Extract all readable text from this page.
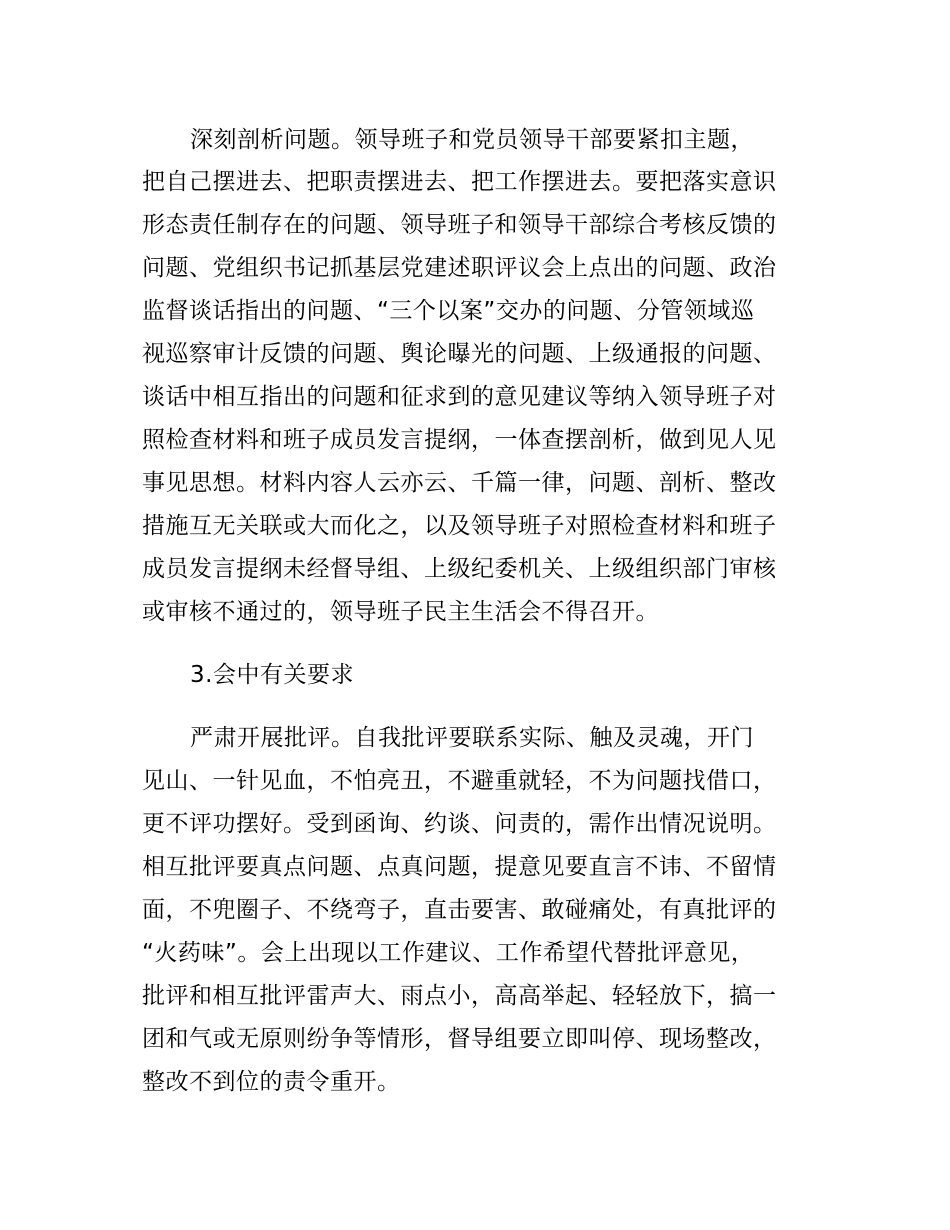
深刻剖析问题。领导班子和党员领导干部要紧扣主题，
把自己摆进去、把职责摆进去、把工作摆进去。要把落实意识
形态责任制存在的问题、领导班子和领导干部综合考核反馈的
问题、党组织书记抓基层党建述职评议会上点出的问题、政治
监督谈话指出的问题、“三个以案”交办的问题、分管领域巡
视巡察审计反馈的问题、舆论曝光的问题、上级通报的问题、
谈话中相互指出的问题和征求到的意见建议等纳入领导班子对
照检查材料和班子成员发言提纲，一体查摆剖析，做到见人见
事见思想。材料内容人云亦云、千篇一律，问题、剖析、整改
措施互无关联或大而化之，以及领导班子对照检查材料和班子
成员发言提纲未经督导组、上级纪委机关、上级组织部门审核
或审核不通过的，领导班子民主生活会不得召开。
3.会中有关要求
严肃开展批评。自我批评要联系实际、触及灵魂，开门
见山、一针见血，不怕亮丑，不避重就轻，不为问题找借口，
更不评功摆好。受到函询、约谈、问责的，需作出情况说明。
相互批评要真点问题、点真问题，提意见要直言不讳、不留情
面，不兜圈子、不绕弯子，直击要害、敢碰痛处，有真批评的
“火药味”。会上出现以工作建议、工作希望代替批评意见，
批评和相互批评雷声大、雨点小，高高举起、轻轻放下，搞一
团和气或无原则纷争等情形，督导组要立即叫停、现场整改，
整改不到位的责令重开。
